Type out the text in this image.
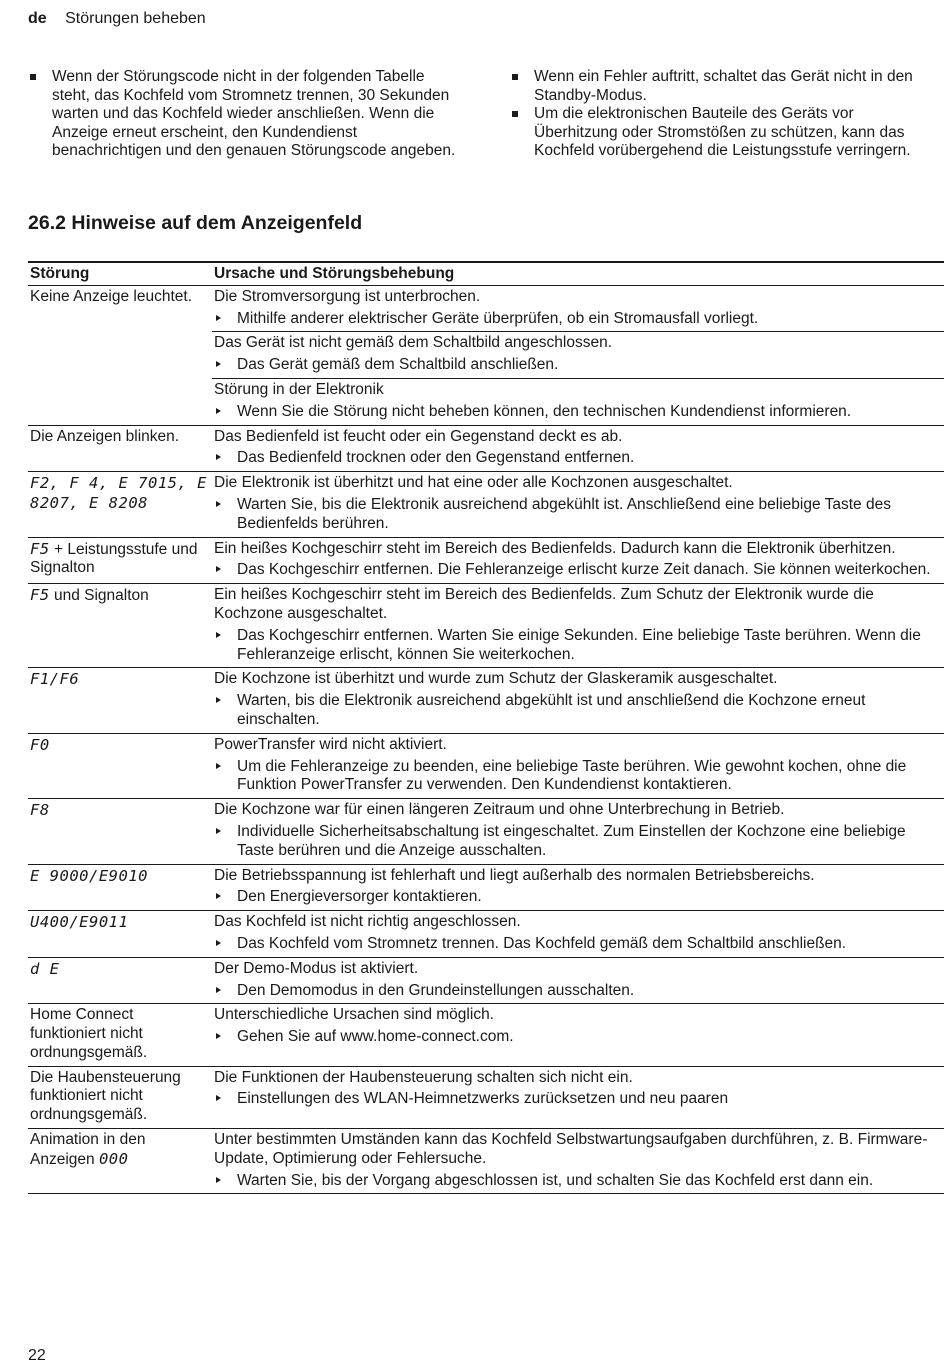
de Störungen beheben
Wenn der Störungscode nicht in der folgenden Tabelle steht, das Kochfeld vom Stromnetz trennen, 30 Sekunden warten und das Kochfeld wieder anschließen. Wenn die Anzeige erneut erscheint, den Kundendienst benachrichtigen und den genauen Störungscode angeben.
Wenn ein Fehler auftritt, schaltet das Gerät nicht in den Standby-Modus.
Um die elektronischen Bauteile des Geräts vor Überhitzung oder Stromstößen zu schützen, kann das Kochfeld vorübergehend die Leistungsstufe verringern.
26.2 Hinweise auf dem Anzeigenfeld
Störung	Ursache und Störungsbehebung
Keine Anzeige leuchtet.	Die Stromversorgung ist unterbrochen.

Mithilfe anderer elektrischer Geräte überprüfen, ob ein Stromausfall vorliegt.

	Das Gerät ist nicht gemäß dem Schaltbild angeschlossen.

Das Gerät gemäß dem Schaltbild anschließen.

	Störung in der Elektronik

Wenn Sie die Störung nicht beheben können, den technischen Kundendienst informieren.

Die Anzeigen blinken.	Das Bedienfeld ist feucht oder ein Gegenstand deckt es ab.

Das Bedienfeld trocknen oder den Gegenstand entfernen.

F2, F 4, E 7015, E 8207, E 8208	Die Elektronik ist überhitzt und hat eine oder alle Kochzonen ausgeschaltet.

Warten Sie, bis die Elektronik ausreichend abgekühlt ist. Anschließend eine beliebige Taste des Bedienfelds berühren.

F5 + Leistungsstufe und Signalton	Ein heißes Kochgeschirr steht im Bereich des Bedienfelds. Dadurch kann die Elektronik überhitzen.

Das Kochgeschirr entfernen. Die Fehleranzeige erlischt kurze Zeit danach. Sie können weiterkochen.

F5 und Signalton	Ein heißes Kochgeschirr steht im Bereich des Bedienfelds. Zum Schutz der Elektronik wurde die Kochzone ausgeschaltet.

Das Kochgeschirr entfernen. Warten Sie einige Sekunden. Eine beliebige Taste berühren. Wenn die Fehleranzeige erlischt, können Sie weiterkochen.

F1/F6	Die Kochzone ist überhitzt und wurde zum Schutz der Glaskeramik ausgeschaltet.

Warten, bis die Elektronik ausreichend abgekühlt ist und anschließend die Kochzone erneut einschalten.

F0	PowerTransfer wird nicht aktiviert.

Um die Fehleranzeige zu beenden, eine beliebige Taste berühren. Wie gewohnt kochen, ohne die Funktion PowerTransfer zu verwenden. Den Kundendienst kontaktieren.

F8	Die Kochzone war für einen längeren Zeitraum und ohne Unterbrechung in Betrieb.

Individuelle Sicherheitsabschaltung ist eingeschaltet. Zum Einstellen der Kochzone eine beliebige Taste berühren und die Anzeige ausschalten.

E 9000/E9010	Die Betriebsspannung ist fehlerhaft und liegt außerhalb des normalen Betriebsbereichs.

Den Energieversorger kontaktieren.

U400/E9011	Das Kochfeld ist nicht richtig angeschlossen.

Das Kochfeld vom Stromnetz trennen. Das Kochfeld gemäß dem Schaltbild anschließen.

d E	Der Demo-Modus ist aktiviert.

Den Demomodus in den Grundeinstellungen ausschalten.

Home Connect funktioniert nicht ordnungsgemäß.	Unterschiedliche Ursachen sind möglich.

Gehen Sie auf www.home-connect.com.

Die Haubensteuerung funktioniert nicht ordnungsgemäß.	Die Funktionen der Haubensteuerung schalten sich nicht ein.

Einstellungen des WLAN-Heimnetzwerks zurücksetzen und neu paaren

Animation in den Anzeigen 000	Unter bestimmten Umständen kann das Kochfeld Selbstwartungsaufgaben durchführen, z. B. Firmware-Update, Optimierung oder Fehlersuche.

Warten Sie, bis der Vorgang abgeschlossen ist, und schalten Sie das Kochfeld erst dann ein.
22
